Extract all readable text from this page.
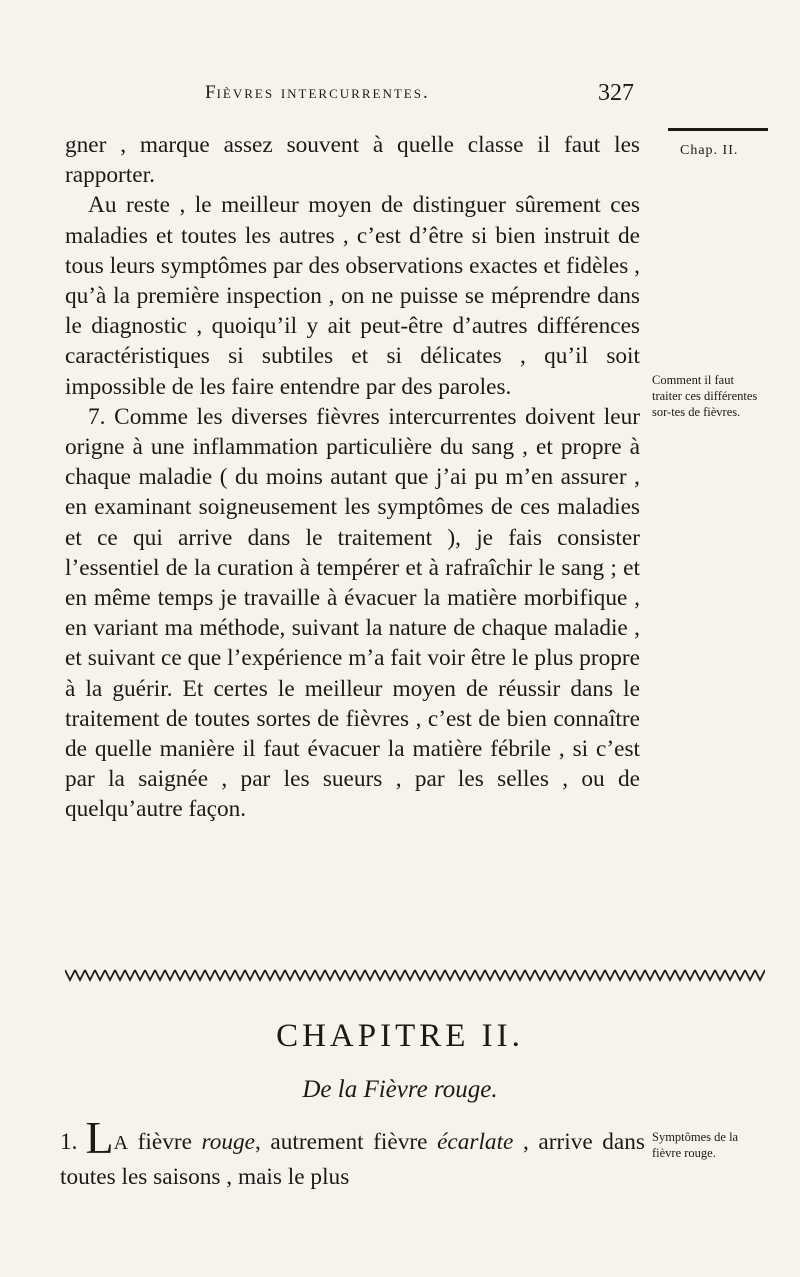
Fièvres intercurrentes.	327
Chap. II.

gner , marque assez souvent à quelle classe il faut les rapporter.

Au reste , le meilleur moyen de distinguer sûrement ces maladies et toutes les autres , c’est d’être si bien instruit de tous leurs symptômes par des observations exactes et fidèles , qu’à la première inspection , on ne puisse se méprendre dans le diagnostic , quoiqu’il y ait peut-être d’autres différences caractéristiques si subtiles et si délicates , qu’il soit impossible de les faire entendre par des paroles.

7. Comme les diverses fièvres intercurrentes doivent leur origne à une inflammation particulière du sang , et propre à chaque maladie ( du moins autant que j’ai pu m’en assurer , en examinant soigneusement les symptômes de ces maladies et ce qui arrive dans le traitement ), je fais consister l’essentiel de la curation à tempérer et à rafraîchir le sang ; et en même temps je travaille à évacuer la matière morbifique , en variant ma méthode, suivant la nature de chaque maladie , et suivant ce que l’expérience m’a fait voir être le plus propre à la guérir. Et certes le meilleur moyen de réussir dans le traitement de toutes sortes de fièvres , c’est de bien connaître de quelle manière il faut évacuer la matière fébrile , si c’est par la saignée , par les sueurs , par les selles , ou de quelqu’autre façon.

Comment il faut traiter ces différentes sor-tes de fièvres.
Symptômes de la fièvre rouge.
CHAPITRE II.
De la Fièvre rouge.
1. LA fièvre rouge, autrement fièvre écarlate , arrive dans toutes les saisons , mais le plus
